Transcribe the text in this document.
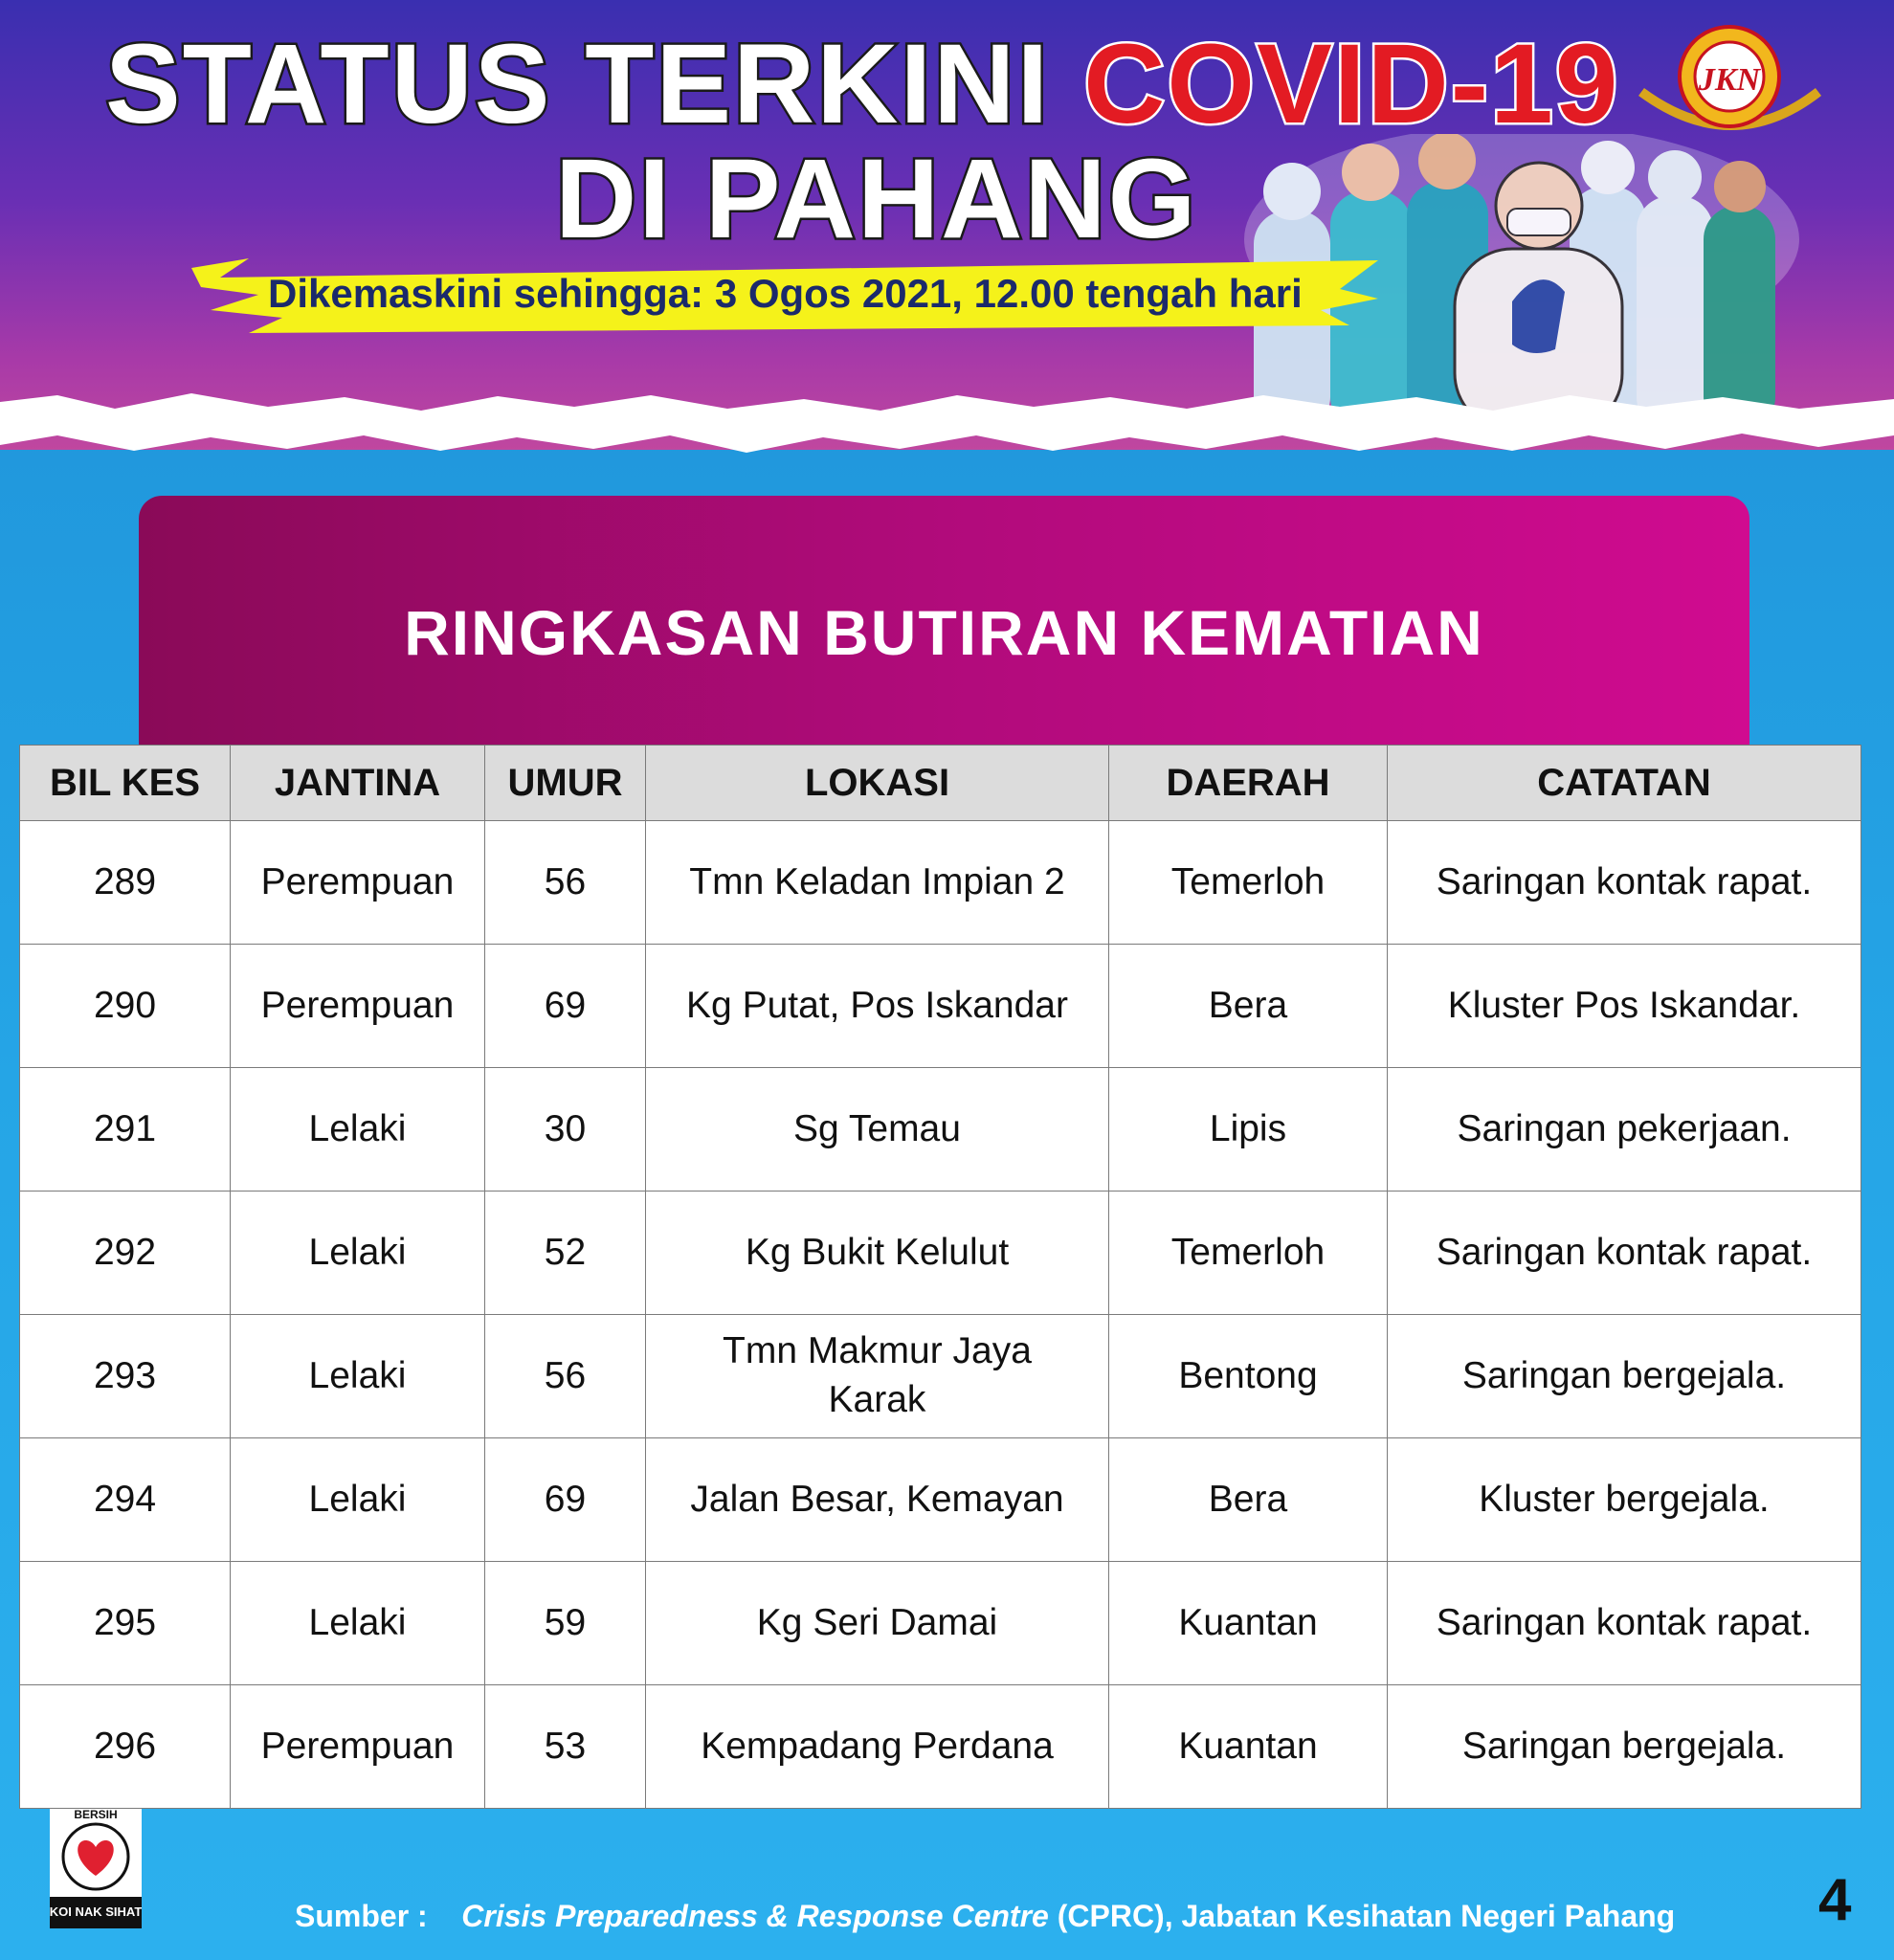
STATUS TERKINI COVID-19
DI PAHANG
Dikemaskini sehingga: 3 Ogos 2021, 12.00 tengah hari
JKN
RINGKASAN BUTIRAN KEMATIAN
BIL KES	JANTINA	UMUR	LOKASI	DAERAH	CATATAN
289	Perempuan	56	Tmn Keladan Impian 2	Temerloh	Saringan kontak rapat.
290	Perempuan	69	Kg Putat, Pos Iskandar	Bera	Kluster Pos Iskandar.
291	Lelaki	30	Sg Temau	Lipis	Saringan pekerjaan.
292	Lelaki	52	Kg Bukit Kelulut	Temerloh	Saringan kontak rapat.
293	Lelaki	56	Tmn Makmur Jaya Karak	Bentong	Saringan bergejala.
294	Lelaki	69	Jalan Besar, Kemayan	Bera	Kluster bergejala.
295	Lelaki	59	Kg Seri Damai	Kuantan	Saringan kontak rapat.
296	Perempuan	53	Kempadang Perdana	Kuantan	Saringan bergejala.
BERSIH
KOI NAK SIHAT	Sumber : Crisis Preparedness & Response Centre (CPRC), Jabatan Kesihatan Negeri Pahang 4
